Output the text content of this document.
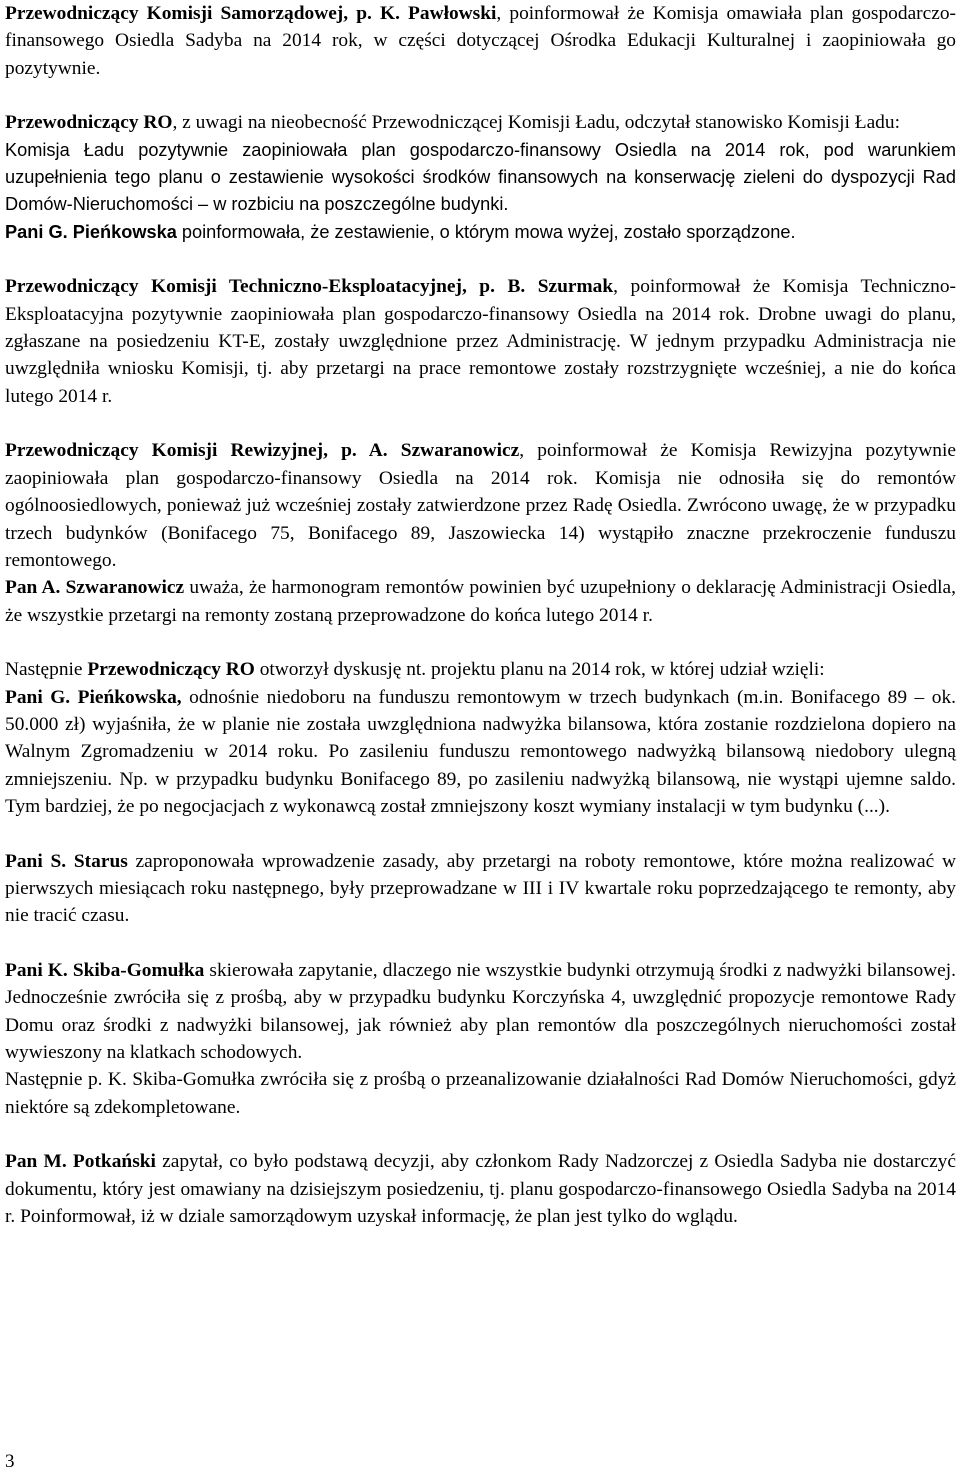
Przewodniczący Komisji Samorządowej, p. K. Pawłowski, poinformował że Komisja omawiała plan gospodarczo-finansowego Osiedla Sadyba na 2014 rok, w części dotyczącej Ośrodka Edukacji Kulturalnej i zaopiniowała go pozytywnie.

Przewodniczący RO, z uwagi na nieobecność Przewodniczącej Komisji Ładu, odczytał stanowisko Komisji Ładu:

Komisja Ładu pozytywnie zaopiniowała plan gospodarczo-finansowy Osiedla na 2014 rok, pod warunkiem uzupełnienia tego planu o zestawienie wysokości środków finansowych na konserwację zieleni do dyspozycji Rad Domów-Nieruchomości – w rozbiciu na poszczególne budynki.

Pani G. Pieńkowska poinformowała, że zestawienie, o którym mowa wyżej, zostało sporządzone.

Przewodniczący Komisji Techniczno-Eksploatacyjnej, p. B. Szurmak, poinformował że Komisja Techniczno-Eksploatacyjna pozytywnie zaopiniowała plan gospodarczo-finansowy Osiedla na 2014 rok. Drobne uwagi do planu, zgłaszane na posiedzeniu KT-E, zostały uwzględnione przez Administrację. W jednym przypadku Administracja nie uwzględniła wniosku Komisji, tj. aby przetargi na prace remontowe zostały rozstrzygnięte wcześniej, a nie do końca lutego 2014 r.

Przewodniczący Komisji Rewizyjnej, p. A. Szwaranowicz, poinformował że Komisja Rewizyjna pozytywnie zaopiniowała plan gospodarczo-finansowy Osiedla na 2014 rok. Komisja nie odnosiła się do remontów ogólnoosiedlowych, ponieważ już wcześniej zostały zatwierdzone przez Radę Osiedla. Zwrócono uwagę, że w przypadku trzech budynków (Bonifacego 75, Bonifacego 89, Jaszowiecka 14) wystąpiło znaczne przekroczenie funduszu remontowego.

Pan A. Szwaranowicz uważa, że harmonogram remontów powinien być uzupełniony o deklarację Administracji Osiedla, że wszystkie przetargi na remonty zostaną przeprowadzone do końca lutego 2014 r.

Następnie Przewodniczący RO otworzył dyskusję nt. projektu planu na 2014 rok, w której udział wzięli:

Pani G. Pieńkowska, odnośnie niedoboru na funduszu remontowym w trzech budynkach (m.in. Bonifacego 89 – ok. 50.000 zł) wyjaśniła, że w planie nie została uwzględniona nadwyżka bilansowa, która zostanie rozdzielona dopiero na Walnym Zgromadzeniu w 2014 roku. Po zasileniu funduszu remontowego nadwyżką bilansową niedobory ulegną zmniejszeniu. Np. w przypadku budynku Bonifacego 89, po zasileniu nadwyżką bilansową, nie wystąpi ujemne saldo. Tym bardziej, że po negocjacjach z wykonawcą został zmniejszony koszt wymiany instalacji w tym budynku (...).

Pani S. Starus zaproponowała wprowadzenie zasady, aby przetargi na roboty remontowe, które można realizować w pierwszych miesiącach roku następnego, były przeprowadzane w III i IV kwartale roku poprzedzającego te remonty, aby nie tracić czasu.

Pani K. Skiba-Gomułka skierowała zapytanie, dlaczego nie wszystkie budynki otrzymują środki z nadwyżki bilansowej. Jednocześnie zwróciła się z prośbą, aby w przypadku budynku Korczyńska 4, uwzględnić propozycje remontowe Rady Domu oraz środki z nadwyżki bilansowej, jak również aby plan remontów dla poszczególnych nieruchomości został wywieszony na klatkach schodowych.

Następnie p. K. Skiba-Gomułka zwróciła się z prośbą o przeanalizowanie działalności Rad Domów Nieruchomości, gdyż niektóre są zdekompletowane.

Pan M. Potkański zapytał, co było podstawą decyzji, aby członkom Rady Nadzorczej z Osiedla Sadyba nie dostarczyć dokumentu, który jest omawiany na dzisiejszym posiedzeniu, tj. planu gospodarczo-finansowego Osiedla Sadyba na 2014 r. Poinformował, iż w dziale samorządowym uzyskał informację, że plan jest tylko do wglądu.

3
